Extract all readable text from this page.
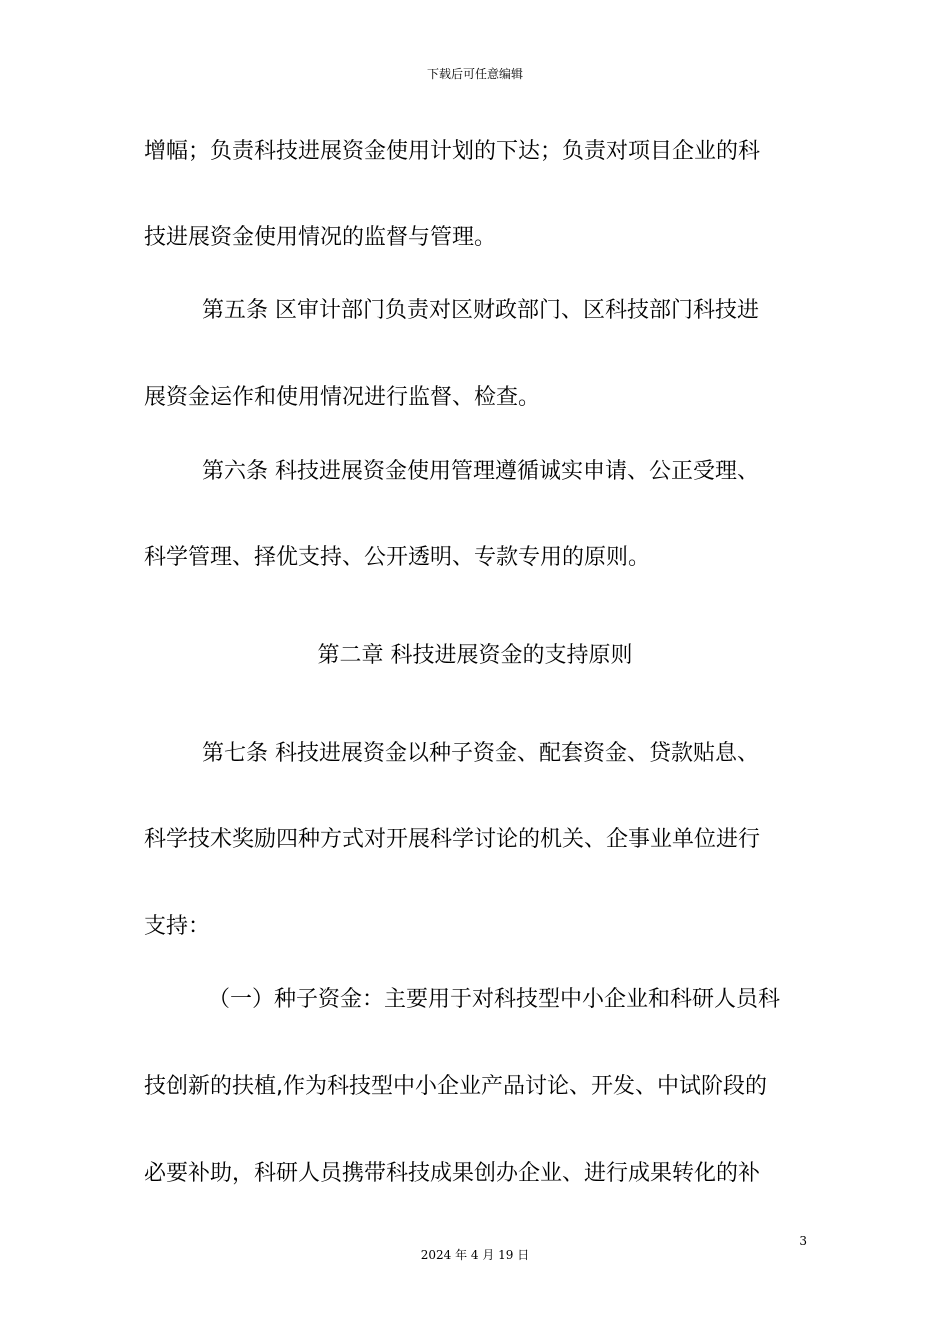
下载后可任意编辑
增幅；负责科技进展资金使用计划的下达；负责对项目企业的科
技进展资金使用情况的监督与管理。
第五条 区审计部门负责对区财政部门、区科技部门科技进
展资金运作和使用情况进行监督、检查。
第六条 科技进展资金使用管理遵循诚实申请、公正受理、
科学管理、择优支持、公开透明、专款专用的原则。
第二章 科技进展资金的支持原则
第七条 科技进展资金以种子资金、配套资金、贷款贴息、
科学技术奖励四种方式对开展科学讨论的机关、企事业单位进行
支持：
（一）种子资金：主要用于对科技型中小企业和科研人员科
技创新的扶植,作为科技型中小企业产品讨论、开发、中试阶段的
必要补助，科研人员携带科技成果创办企业、进行成果转化的补
3
2024 年 4 月 19 日
